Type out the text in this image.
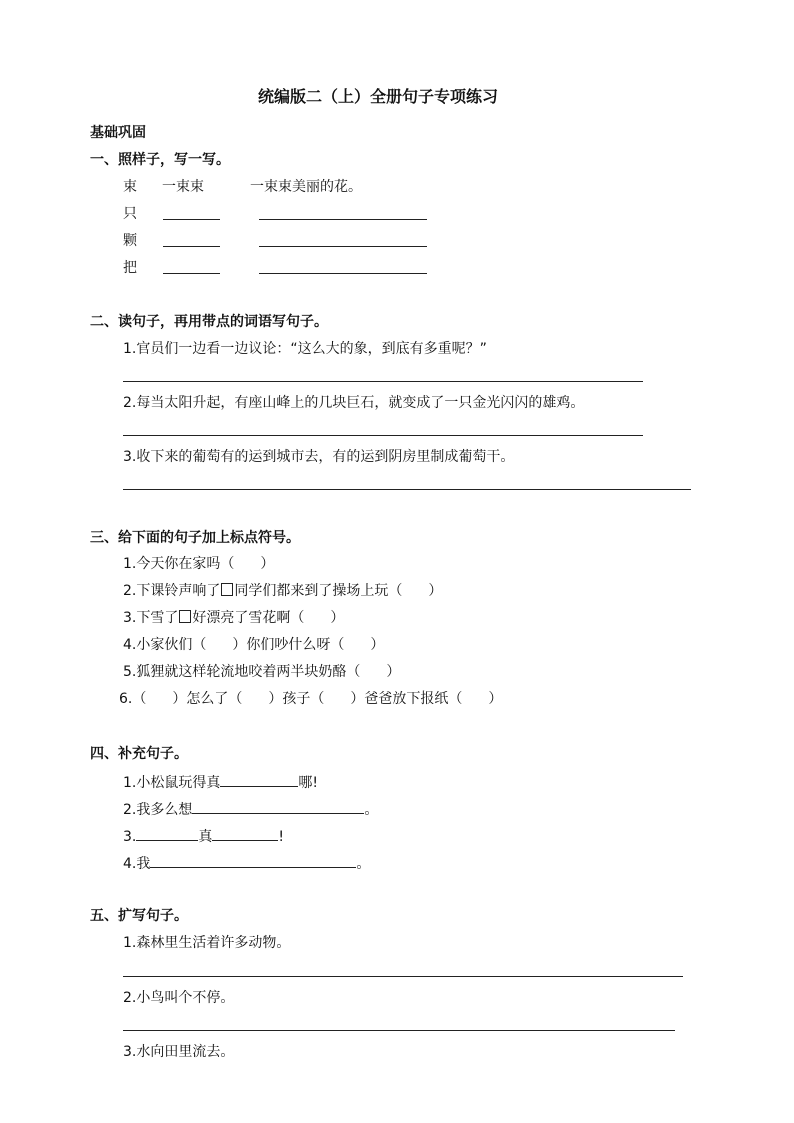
统编版二（上）全册句子专项练习
基础巩固
一、照样子，写一写。
束 一束束	一束束美丽的花。
只
颗
把
二、读句子，再用带点的词语写句子。
1.官员们一边看一边议论：“这么大的象，到底有多重呢？”
2.每当太阳升起，有座山峰上的几块巨石，就变成了一只金光闪闪的雄鸡。
3.收下来的葡萄有的运到城市去，有的运到阴房里制成葡萄干。
三、给下面的句子加上标点符号。
1.今天你在家吗（ ）
2.下课铃声响了 同学们都来到了操场上玩（ ）
3.下雪了 好漂亮了雪花啊（ ）
4.小家伙们（ ）你们吵什么呀（ ）
5.狐狸就这样轮流地咬着两半块奶酪（ ）
6.（ ）怎么了（ ）孩子（ ）爸爸放下报纸（ ）
四、补充句子。
1.小松鼠玩得真	哪!
2.我多么想	。
3.	真	!
4.我	。
五、扩写句子。
1.森林里生活着许多动物。
2.小鸟叫个不停。
3.水向田里流去。
